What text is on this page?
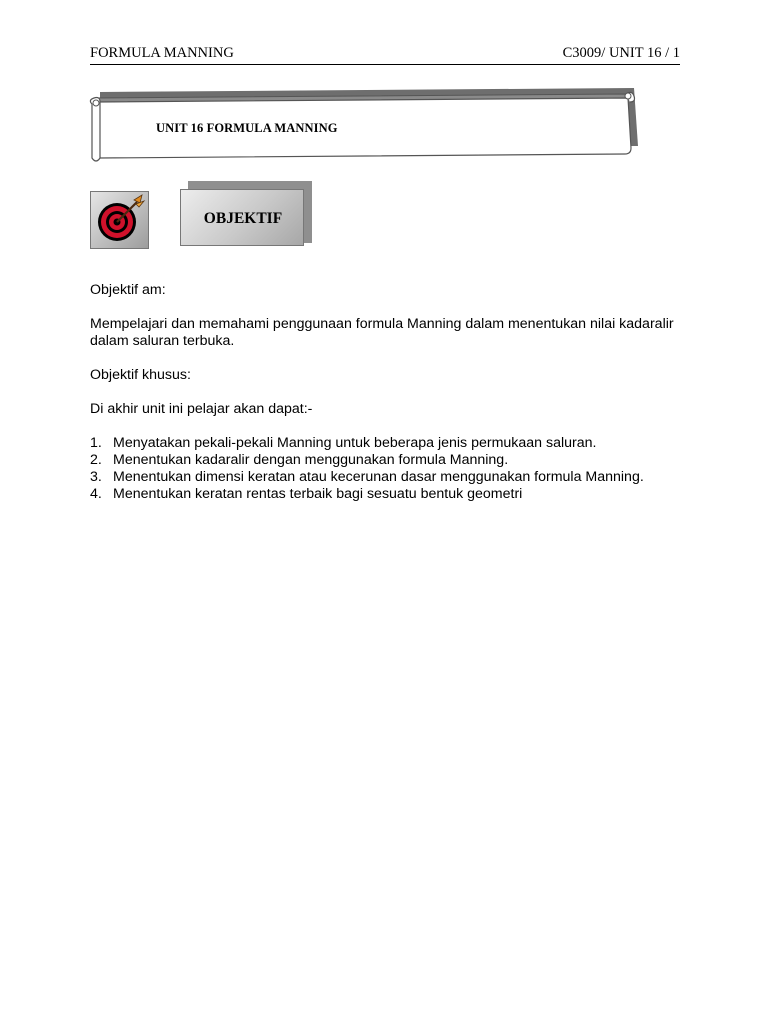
FORMULA MANNING	C3009/ UNIT 16 / 1
UNIT 16 FORMULA MANNING
OBJEKTIF

Objektif am:

Mempelajari dan memahami penggunaan formula Manning dalam menentukan nilai kadaralir dalam saluran terbuka.

Objektif khusus:

Di akhir unit ini pelajar akan dapat:-

1. Menyatakan pekali-pekali Manning untuk beberapa jenis permukaan saluran.
2. Menentukan kadaralir dengan menggunakan formula Manning.
3. Menentukan dimensi keratan atau kecerunan dasar menggunakan formula Manning.
4. Menentukan keratan rentas terbaik bagi sesuatu bentuk geometri
